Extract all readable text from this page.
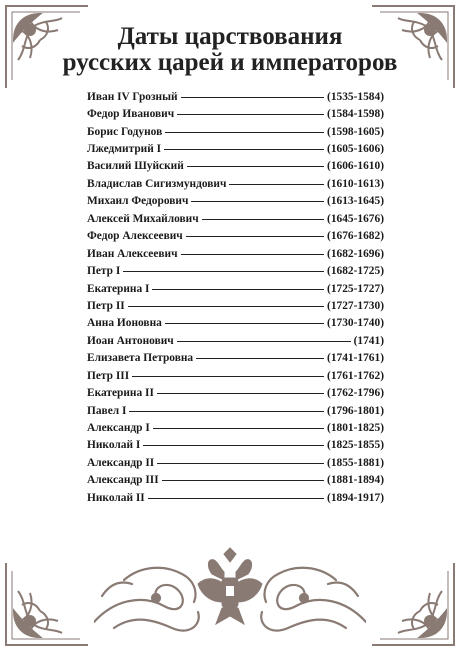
Даты царствования
русских царей и императоров
Иван IV Грозный	(1535-1584)
Федор Иванович	(1584-1598)
Борис Годунов	(1598-1605)
Лжедмитрий I	(1605-1606)
Василий Шуйский	(1606-1610)
Владислав Сигизмундович	(1610-1613)
Михаил Федорович	(1613-1645)
Алексей Михайлович	(1645-1676)
Федор Алексеевич	(1676-1682)
Иван Алексеевич	(1682-1696)
Петр I	(1682-1725)
Екатерина I	(1725-1727)
Петр II	(1727-1730)
Анна Ионовна	(1730-1740)
Иоан Антонович	(1741)
Елизавета Петровна	(1741-1761)
Петр III	(1761-1762)
Екатерина II	(1762-1796)
Павел I	(1796-1801)
Александр I	(1801-1825)
Николай I	(1825-1855)
Александр II	(1855-1881)
Александр III	(1881-1894)
Николай II	(1894-1917)
